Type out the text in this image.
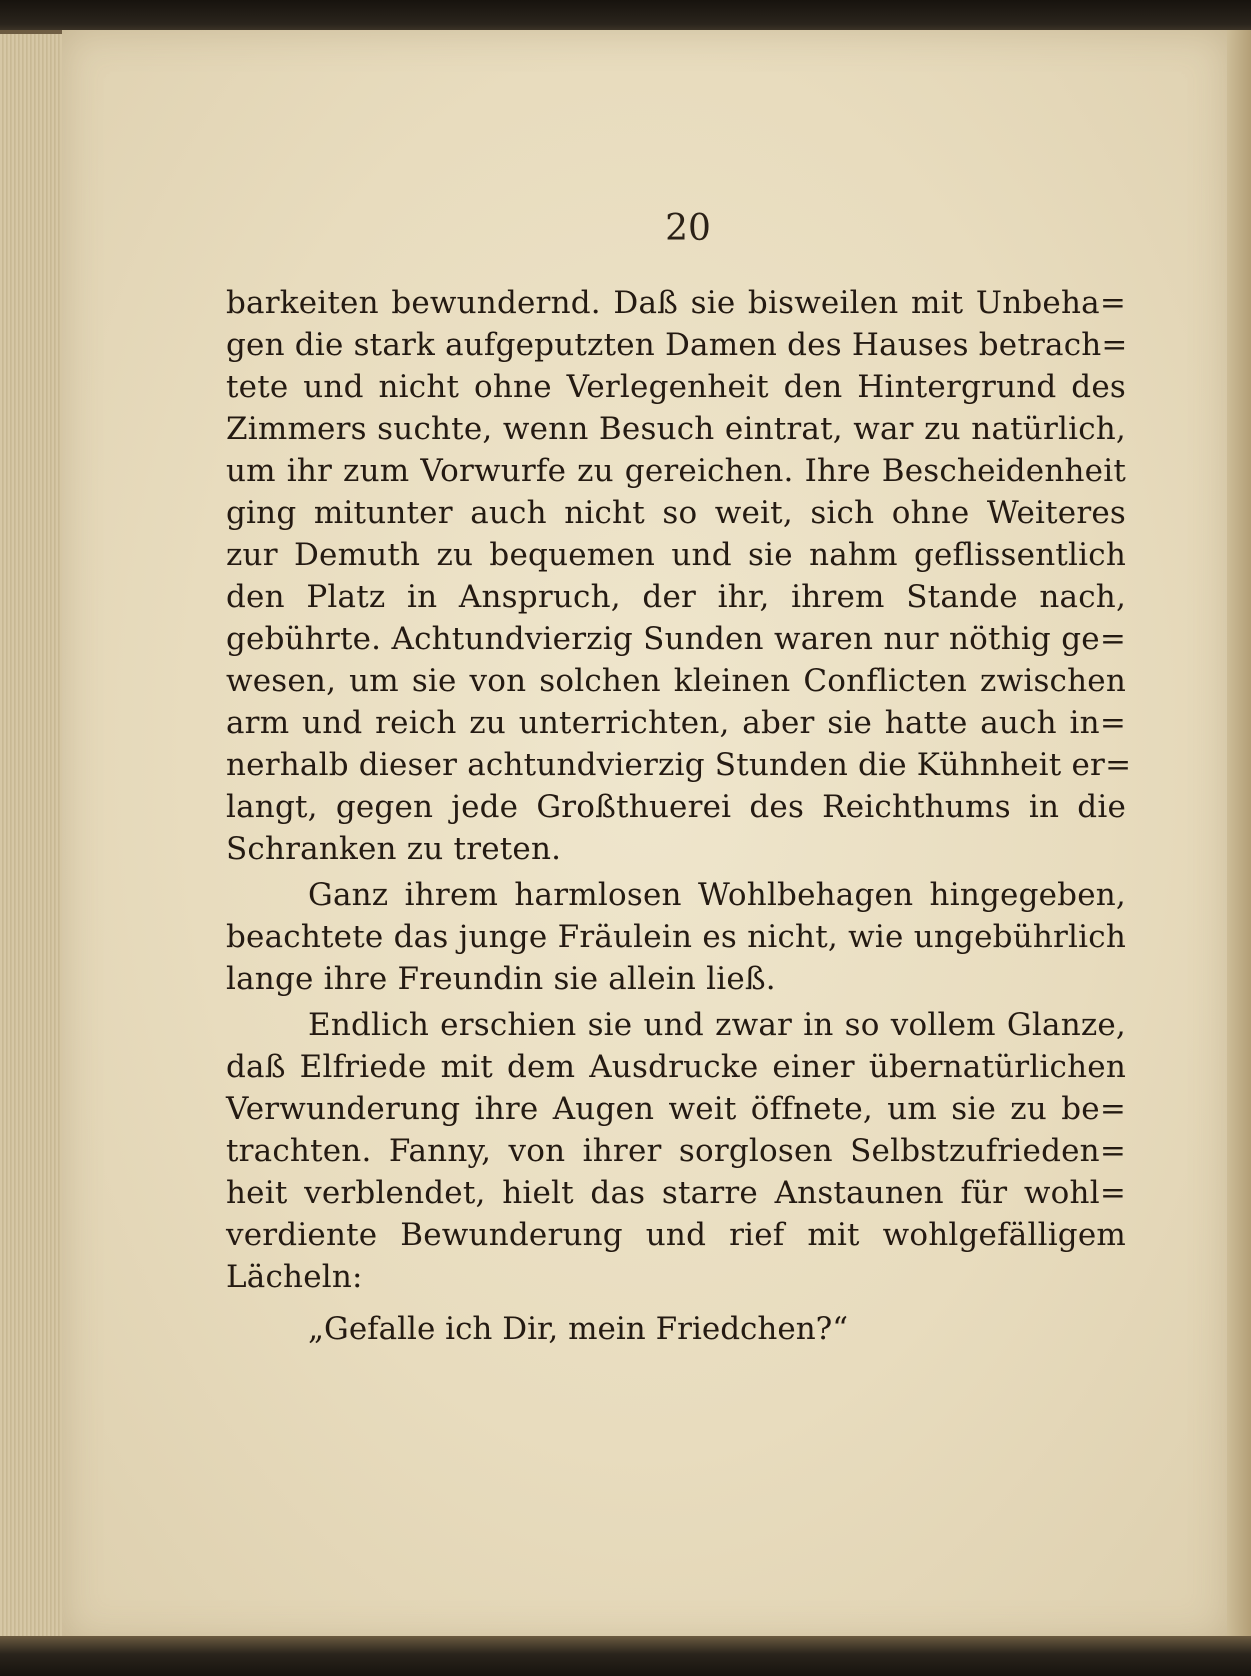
20
barkeiten bewundernd. Daß sie bisweilen mit Unbeha=
gen die stark aufgeputzten Damen des Hauses betrach=
tete und nicht ohne Verlegenheit den Hintergrund des
Zimmers suchte, wenn Besuch eintrat, war zu natürlich,
um ihr zum Vorwurfe zu gereichen. Ihre Bescheidenheit
ging mitunter auch nicht so weit, sich ohne Weiteres
zur Demuth zu bequemen und sie nahm geflissentlich
den Platz in Anspruch, der ihr, ihrem Stande nach,
gebührte. Achtundvierzig Sunden waren nur nöthig ge=
wesen, um sie von solchen kleinen Conflicten zwischen
arm und reich zu unterrichten, aber sie hatte auch in=
nerhalb dieser achtundvierzig Stunden die Kühnheit er=
langt, gegen jede Großthuerei des Reichthums in die
Schranken zu treten.
Ganz ihrem harmlosen Wohlbehagen hingegeben,
beachtete das junge Fräulein es nicht, wie ungebührlich
lange ihre Freundin sie allein ließ.
Endlich erschien sie und zwar in so vollem Glanze,
daß Elfriede mit dem Ausdrucke einer übernatürlichen
Verwunderung ihre Augen weit öffnete, um sie zu be=
trachten. Fanny, von ihrer sorglosen Selbstzufrieden=
heit verblendet, hielt das starre Anstaunen für wohl=
verdiente Bewunderung und rief mit wohlgefälligem
Lächeln:
„Gefalle ich Dir, mein Friedchen?“
